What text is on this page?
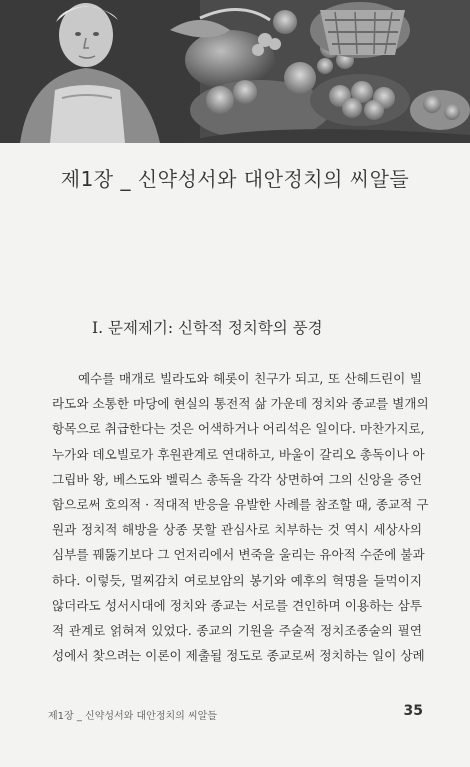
제1장 _ 신약성서와 대안정치의 씨알들
I. 문제제기: 신학적 정치학의 풍경
예수를 매개로 빌라도와 헤롯이 친구가 되고, 또 산헤드린이 빌
라도와 소통한 마당에 현실의 통전적 삶 가운데 정치와 종교를 별개의
항목으로 취급한다는 것은 어색하거나 어리석은 일이다. 마찬가지로,
누가와 데오빌로가 후원관계로 연대하고, 바울이 갈리오 총독이나 아
그립바 왕, 베스도와 벨릭스 총독을 각각 상면하여 그의 신앙을 증언
함으로써 호의적 · 적대적 반응을 유발한 사례를 참조할 때, 종교적 구
원과 정치적 해방을 상종 못할 관심사로 치부하는 것 역시 세상사의
심부를 꿰뚫기보다 그 언저리에서 변죽을 울리는 유아적 수준에 불과
하다. 이렇듯, 멀찌감치 여로보암의 봉기와 예후의 혁명을 들먹이지
않더라도 성서시대에 정치와 종교는 서로를 견인하며 이용하는 삼투
적 관계로 얽혀져 있었다. 종교의 기원을 주술적 정치조종술의 필연
성에서 찾으려는 이론이 제출될 정도로 종교로써 정치하는 일이 상례
제1장 _ 신약성서와 대안정치의 씨알들	35
